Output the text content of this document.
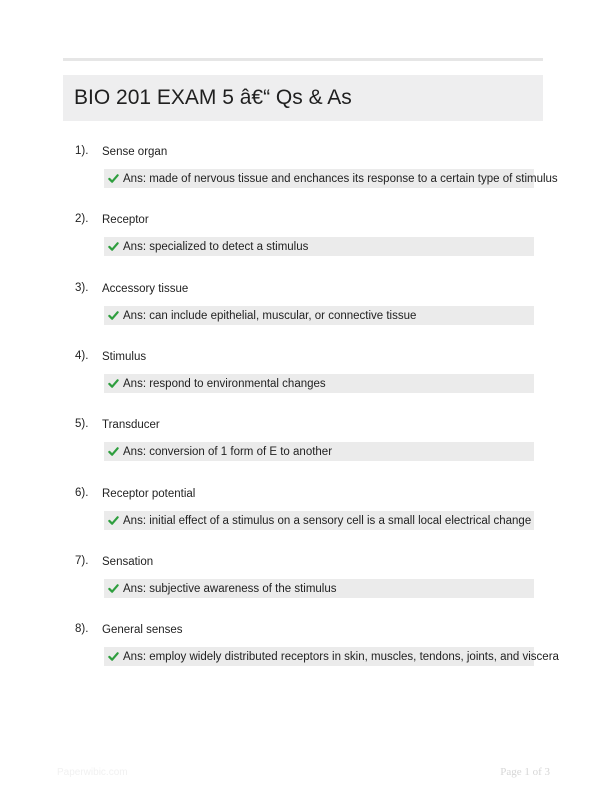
BIO 201 EXAM 5 â€“ Qs & As
1). Sense organ
Ans: made of nervous tissue and enchances its response to a certain type of stimulus
2). Receptor
Ans: specialized to detect a stimulus
3). Accessory tissue
Ans: can include epithelial, muscular, or connective tissue
4). Stimulus
Ans: respond to environmental changes
5). Transducer
Ans: conversion of 1 form of E to another
6). Receptor potential
Ans: initial effect of a stimulus on a sensory cell is a small local electrical change
7). Sensation
Ans: subjective awareness of the stimulus
8). General senses
Ans: employ widely distributed receptors in skin, muscles, tendons, joints, and viscera
Paperwibic.com	Page 1 of 3
